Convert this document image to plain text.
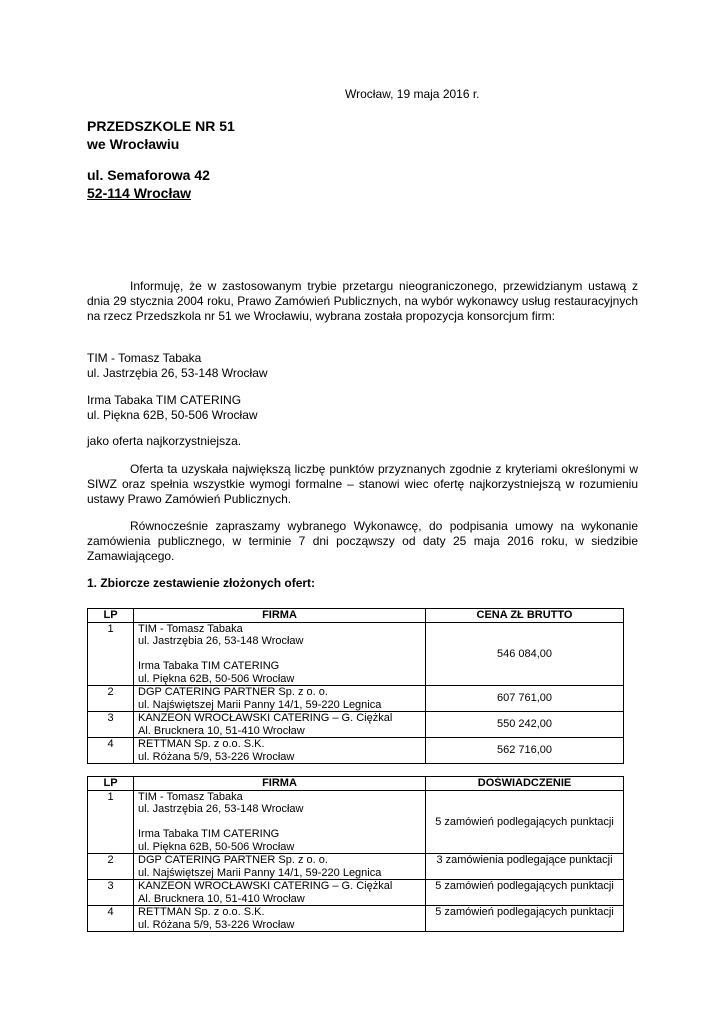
Wrocław, 19 maja 2016 r.
PRZEDSZKOLE NR 51
we Wrocławiu
ul. Semaforowa 42
52-114 Wrocław
Informuję, że w zastosowanym trybie przetargu nieograniczonego, przewidzianym ustawą z dnia 29 stycznia 2004 roku, Prawo Zamówień Publicznych, na wybór wykonawcy usług restauracyjnych na rzecz Przedszkola nr 51 we Wrocławiu, wybrana została propozycja konsorcjum firm:
TIM - Tomasz Tabaka
ul. Jastrzębia 26, 53-148 Wrocław
Irma Tabaka TIM CATERING
ul. Piękna 62B, 50-506 Wrocław
jako oferta najkorzystniejsza.
Oferta ta uzyskała największą liczbę punktów przyznanych zgodnie z kryteriami określonymi w SIWZ oraz spełnia wszystkie wymogi formalne – stanowi wiec ofertę najkorzystniejszą w rozumieniu ustawy Prawo Zamówień Publicznych.
Równocześnie zapraszamy wybranego Wykonawcę, do podpisania umowy na wykonanie zamówienia publicznego, w terminie 7 dni począwszy od daty 25 maja 2016 roku, w siedzibie Zamawiającego.
1. Zbiorcze zestawienie złożonych ofert:
LP	FIRMA	CENA ZŁ BRUTTO
1	TIM - Tomasz Tabaka
ul. Jastrzębia 26, 53-148 Wrocław

Irma Tabaka TIM CATERING
ul. Piękna 62B, 50-506 Wrocław	546 084,00
2	DGP CATERING PARTNER Sp. z o. o.
ul. Najświętszej Marii Panny 14/1, 59-220 Legnica	607 761,00
3	KANZEON WROCŁAWSKI CATERING – G. Ciężkal
Al. Brucknera 10, 51-410 Wrocław	550 242,00
4	RETTMAN Sp. z o.o. S.K.
ul. Różana 5/9, 53-226 Wrocław	562 716,00
LP	FIRMA	DOŚWIADCZENIE
1	TIM - Tomasz Tabaka
ul. Jastrzębia 26, 53-148 Wrocław

Irma Tabaka TIM CATERING
ul. Piękna 62B, 50-506 Wrocław	5 zamówień podlegających punktacji
2	DGP CATERING PARTNER Sp. z o. o.
ul. Najświętszej Marii Panny 14/1, 59-220 Legnica	3 zamówienia podlegające punktacji
3	KANZEON WROCŁAWSKI CATERING – G. Ciężkal
Al. Brucknera 10, 51-410 Wrocław	5 zamówień podlegających punktacji
4	RETTMAN Sp. z o.o. S.K.
ul. Różana 5/9, 53-226 Wrocław	5 zamówień podlegających punktacji
